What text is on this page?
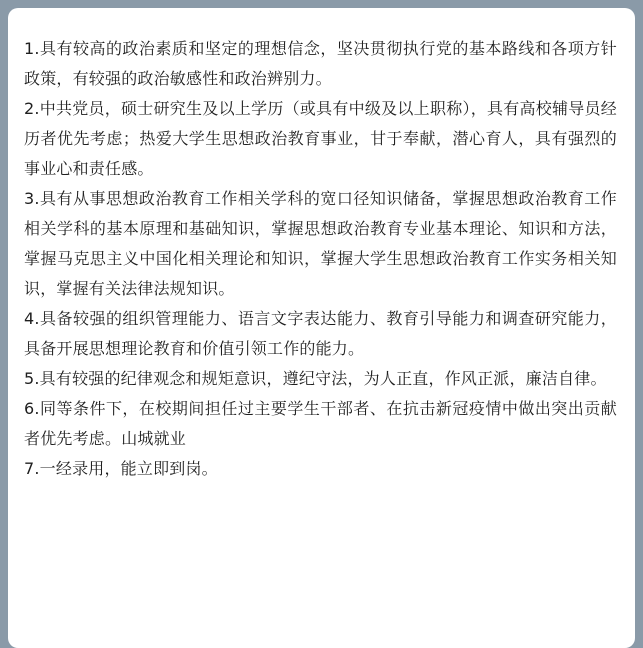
1.具有较高的政治素质和坚定的理想信念，坚决贯彻执行党的基本路线和各项方针政策，有较强的政治敏感性和政治辨别力。

2.中共党员，硕士研究生及以上学历（或具有中级及以上职称），具有高校辅导员经历者优先考虑；热爱大学生思想政治教育事业，甘于奉献，潜心育人，具有强烈的事业心和责任感。

3.具有从事思想政治教育工作相关学科的宽口径知识储备，掌握思想政治教育工作相关学科的基本原理和基础知识，掌握思想政治教育专业基本理论、知识和方法，掌握马克思主义中国化相关理论和知识，掌握大学生思想政治教育工作实务相关知识，掌握有关法律法规知识。

4.具备较强的组织管理能力、语言文字表达能力、教育引导能力和调查研究能力，具备开展思想理论教育和价值引领工作的能力。

5.具有较强的纪律观念和规矩意识，遵纪守法，为人正直，作风正派，廉洁自律。

6.同等条件下，在校期间担任过主要学生干部者、在抗击新冠疫情中做出突出贡献者优先考虑。山城就业

7.一经录用，能立即到岗。
